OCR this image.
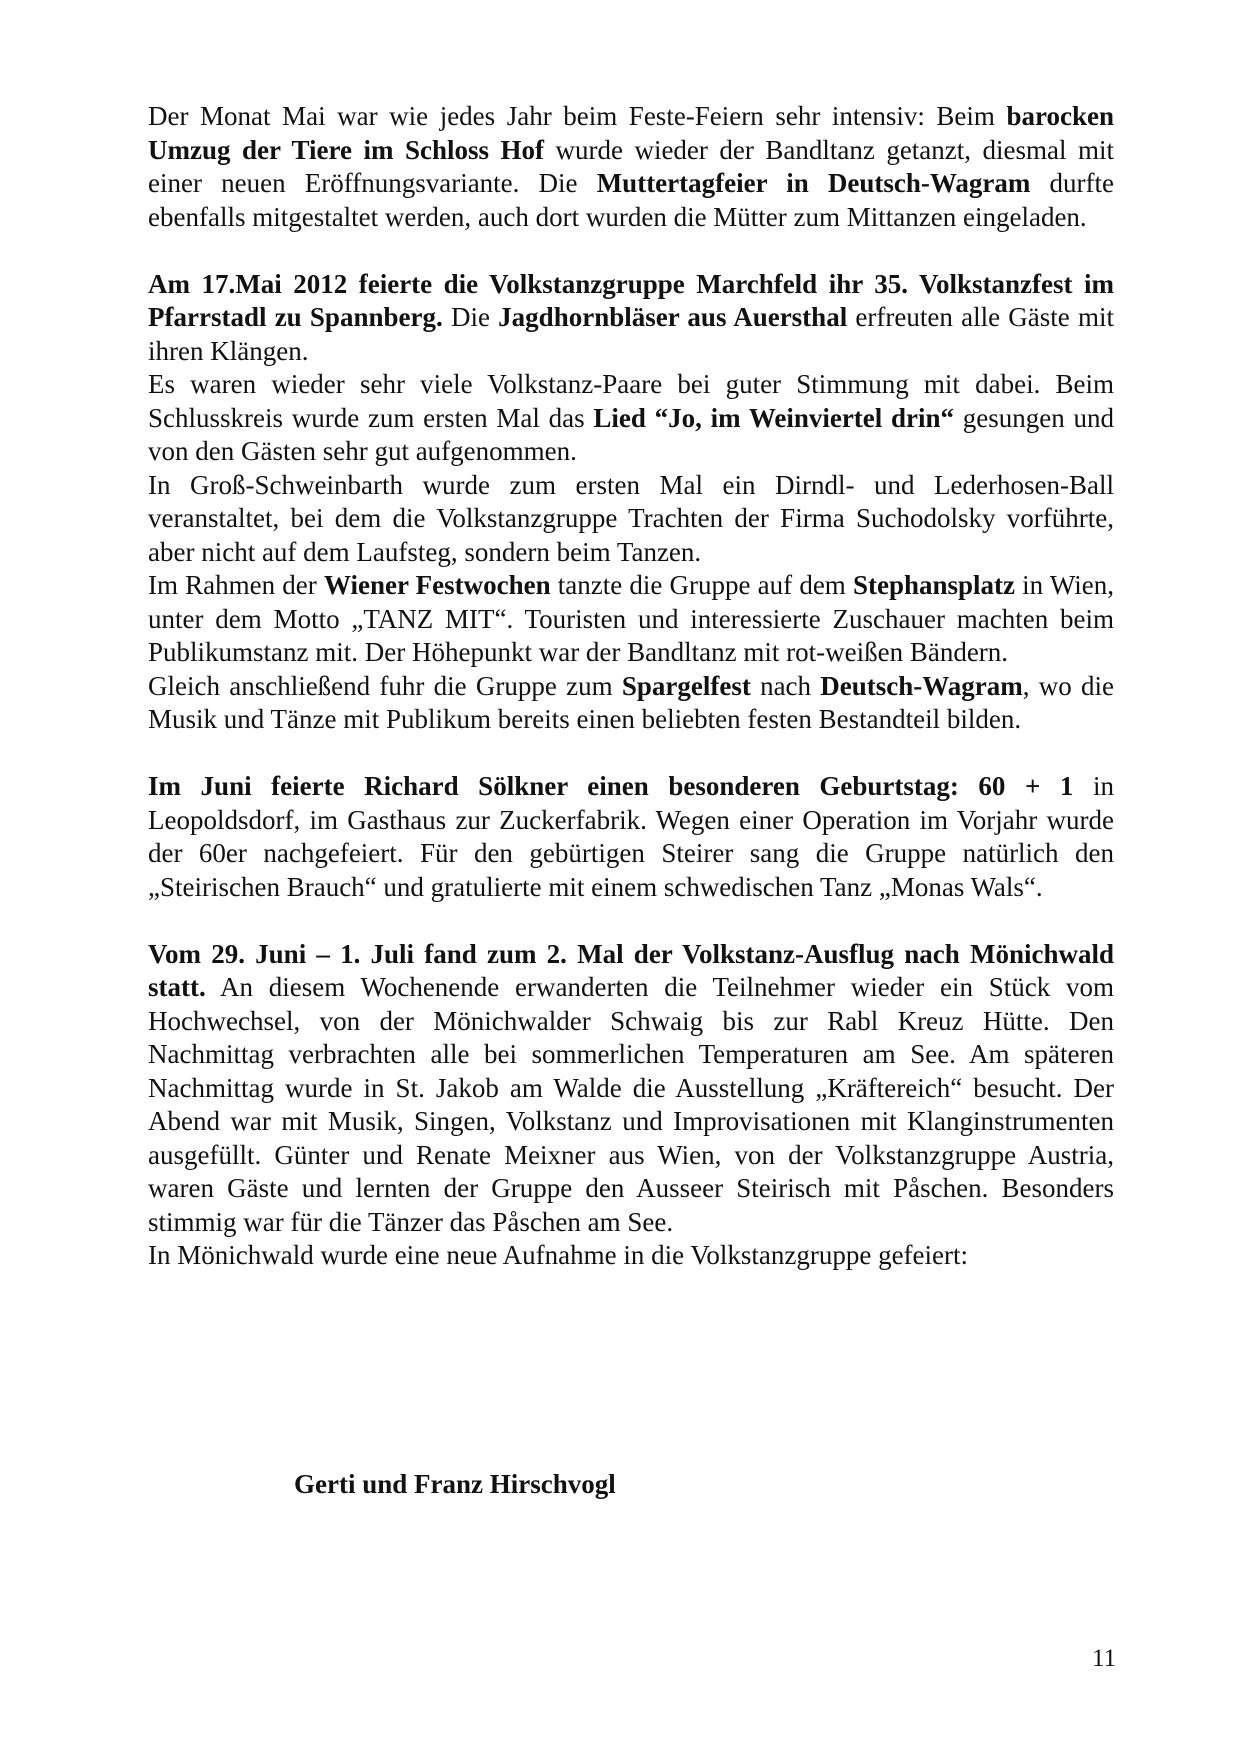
Der Monat Mai war wie jedes Jahr beim Feste-Feiern sehr intensiv: Beim barocken Umzug der Tiere im Schloss Hof wurde wieder der Bandltanz getanzt, diesmal mit einer neuen Eröffnungsvariante. Die Muttertagfeier in Deutsch-Wagram durfte ebenfalls mitgestaltet werden, auch dort wurden die Mütter zum Mittanzen eingeladen.

Am 17.Mai 2012 feierte die Volkstanzgruppe Marchfeld ihr 35. Volkstanzfest im Pfarrstadl zu Spannberg. Die Jagdhornbläser aus Auersthal erfreuten alle Gäste mit ihren Klängen.

Es waren wieder sehr viele Volkstanz-Paare bei guter Stimmung mit dabei. Beim Schlusskreis wurde zum ersten Mal das Lied “Jo, im Weinviertel drin“ gesungen und von den Gästen sehr gut aufgenommen.

In Groß-Schweinbarth wurde zum ersten Mal ein Dirndl- und Lederhosen-Ball veranstaltet, bei dem die Volkstanzgruppe Trachten der Firma Suchodolsky vorführte, aber nicht auf dem Laufsteg, sondern beim Tanzen.

Im Rahmen der Wiener Festwochen tanzte die Gruppe auf dem Stephansplatz in Wien, unter dem Motto „TANZ MIT“. Touristen und interessierte Zuschauer machten beim Publikumstanz mit. Der Höhepunkt war der Bandltanz mit rot-weißen Bändern.

Gleich anschließend fuhr die Gruppe zum Spargelfest nach Deutsch-Wagram, wo die Musik und Tänze mit Publikum bereits einen beliebten festen Bestandteil bilden.

Im Juni feierte Richard Sölkner einen besonderen Geburtstag: 60 + 1 in Leopoldsdorf, im Gasthaus zur Zuckerfabrik. Wegen einer Operation im Vorjahr wurde der 60er nachgefeiert. Für den gebürtigen Steirer sang die Gruppe natürlich den „Steirischen Brauch“ und gratulierte mit einem schwedischen Tanz „Monas Wals“.

Vom 29. Juni – 1. Juli fand zum 2. Mal der Volkstanz-Ausflug nach Mönichwald statt. An diesem Wochenende erwanderten die Teilnehmer wieder ein Stück vom Hochwechsel, von der Mönichwalder Schwaig bis zur Rabl Kreuz Hütte. Den Nachmittag verbrachten alle bei sommerlichen Temperaturen am See. Am späteren Nachmittag wurde in St. Jakob am Walde die Ausstellung „Kräftereich“ besucht. Der Abend war mit Musik, Singen, Volkstanz und Improvisationen mit Klanginstrumenten ausgefüllt. Günter und Renate Meixner aus Wien, von der Volkstanzgruppe Austria, waren Gäste und lernten der Gruppe den Ausseer Steirisch mit Påschen. Besonders stimmig war für die Tänzer das Påschen am See.

In Mönichwald wurde eine neue Aufnahme in die Volkstanzgruppe gefeiert:

Gerti und Franz Hirschvogl
11
